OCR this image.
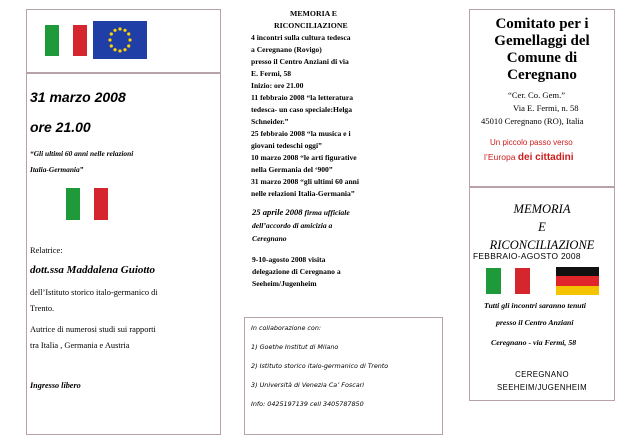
31 marzo 2008
ore 21.00
“Gli ultimi 60 anni nelle relazioni
Italia-Germania”
Relatrice:
dott.ssa Maddalena Guiotto
dell’Istituto storico italo-germanico di
Trento.
Autrice di numerosi studi sui rapporti
tra Italia , Germania e Austria
Ingresso libero
MEMORIA E
RICONCILIAZIONE
4 incontri sulla cultura tedesca
a Ceregnano (Rovigo)
presso il Centro Anziani di via
E. Fermi, 58
Inizio: ore 21.00
11 febbraio 2008 “la letteratura
tedesca- un caso speciale:Helga
Schneider.”
25 febbraio 2008 “la musica e i
giovani tedeschi oggi”
10 marzo 2008 “le arti figurative
nella Germania del ‘900”
31 marzo 2008 “gli ultimi 60 anni
nelle relazioni Italia-Germania”
25 aprile 2008 firma ufficiale
dell’accordo di amicizia a
Ceregnano
9-10-agosto 2008 visita
delegazione di Ceregnano a
Seeheim/Jugenheim
In collaborazione con:
1) Goethe Institut di Milano
2) Istituto storico italo-germanico di Trento
3) Università di Venezia Ca’ Foscari
Info: 0425197139 cell 3405787850
Comitato per i
Gemellaggi del
Comune di
Ceregnano
“Cer. Co. Gem.”
Via E. Fermi, n. 58
45010 Ceregnano (RO), Italia
Un piccolo passo verso
l’Europa dei cittadini
MEMORIA
E
RICONCILIAZIONE
FEBBRAIO-AGOSTO 2008
Tutti gli incontri saranno tenuti
presso il Centro Anziani
Ceregnano - via Fermi, 58
CEREGNANO
SEEHEIM/JUGENHEIM
